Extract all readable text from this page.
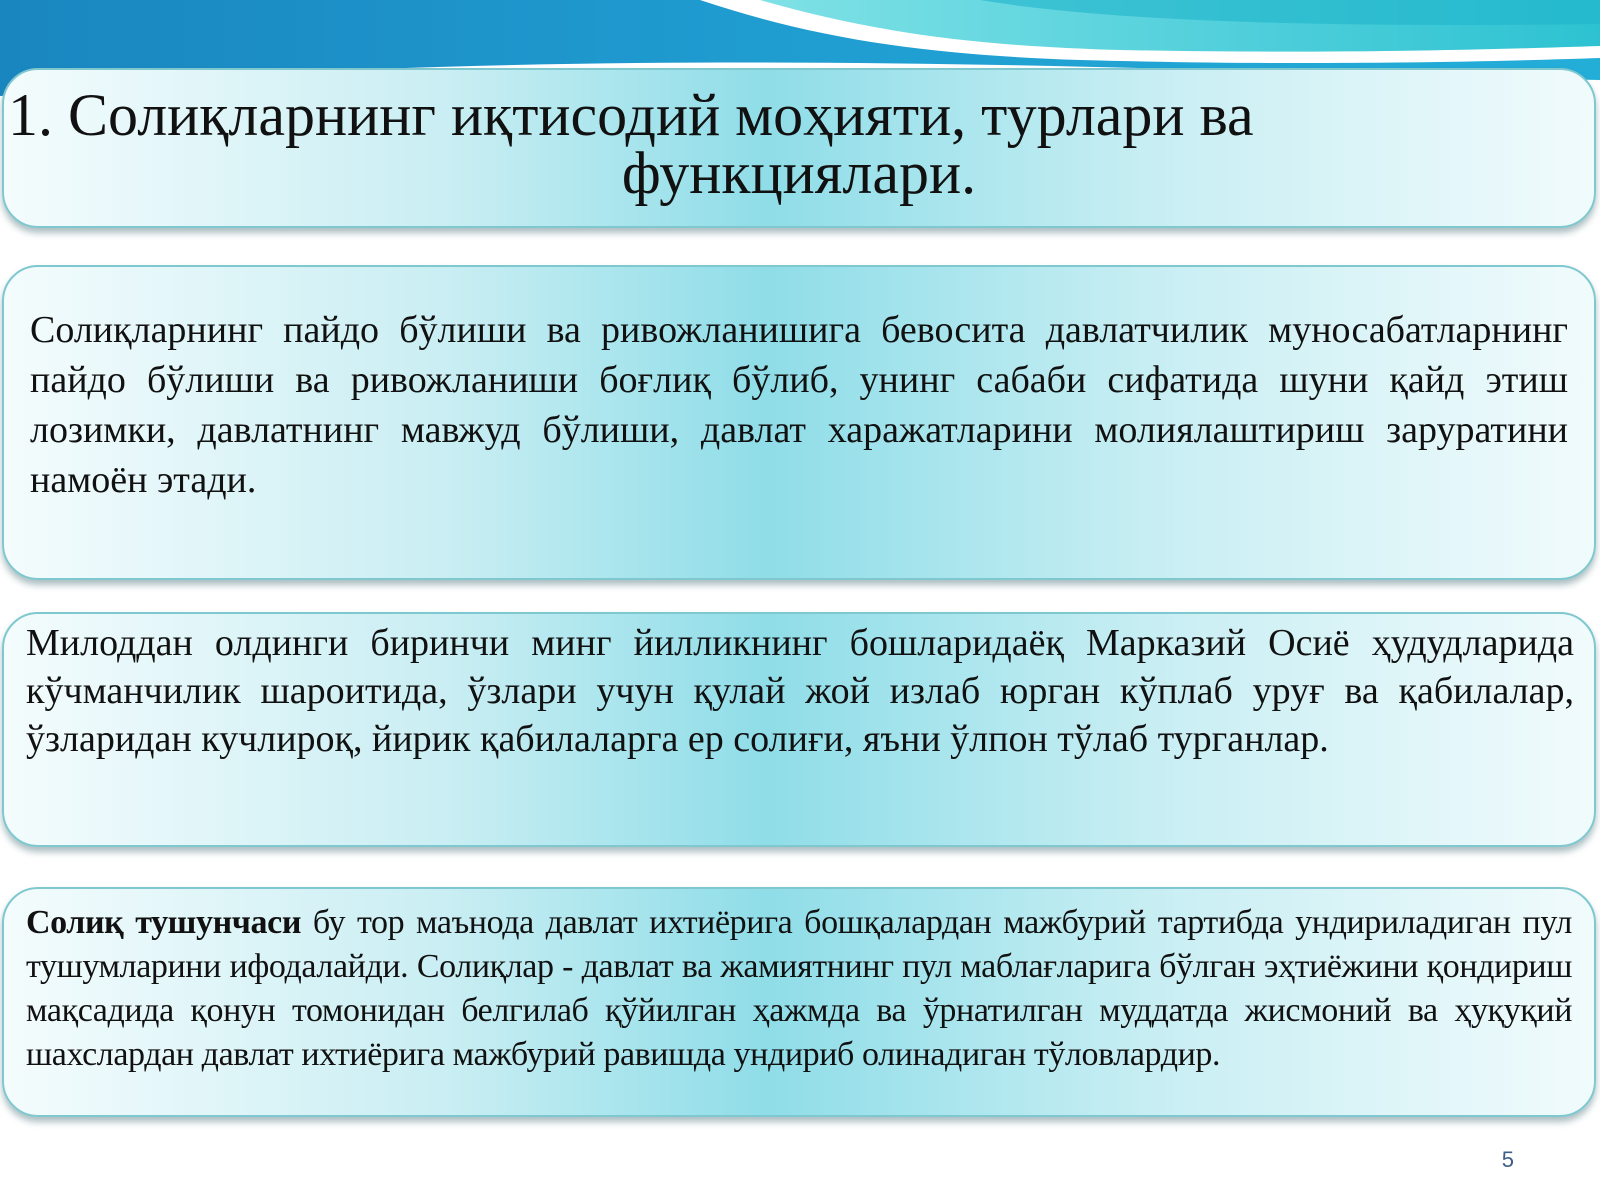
1. Солиқларнинг иқтисодий моҳияти, турлари ва
функциялари.

Солиқларнинг пайдо бўлиши ва ривожланишига бевосита давлатчилик муносабатларнинг пайдо бўлиши ва ривожланиши боғлиқ бўлиб, унинг сабаби сифатида шуни қайд этиш лозимки, давлатнинг мавжуд бўлиши, давлат харажатларини молиялаштириш заруратини намоён этади.

Милоддан олдинги биринчи минг йилликнинг бошларидаёқ Марказий Осиё ҳудудларида кўчманчилик шароитида, ўзлари учун қулай жой излаб юрган кўплаб уруғ ва қабилалар, ўзларидан кучлироқ, йирик қабилаларга ер солиғи, яъни ўлпон тўлаб турганлар.

Солиқ тушунчаси бу тор маънода давлат ихтиёрига бошқалардан мажбурий тартибда ундириладиган пул тушумларини ифодалайди. Солиқлар - давлат ва жамиятнинг пул маблағларига бўлган эҳтиёжини қондириш мақсадида қонун томонидан белгилаб қўйилган ҳажмда ва ўрнатилган муддатда жисмоний ва ҳуқуқий шахслардан давлат ихтиёрига мажбурий равишда ундириб олинадиган тўловлардир.

5
